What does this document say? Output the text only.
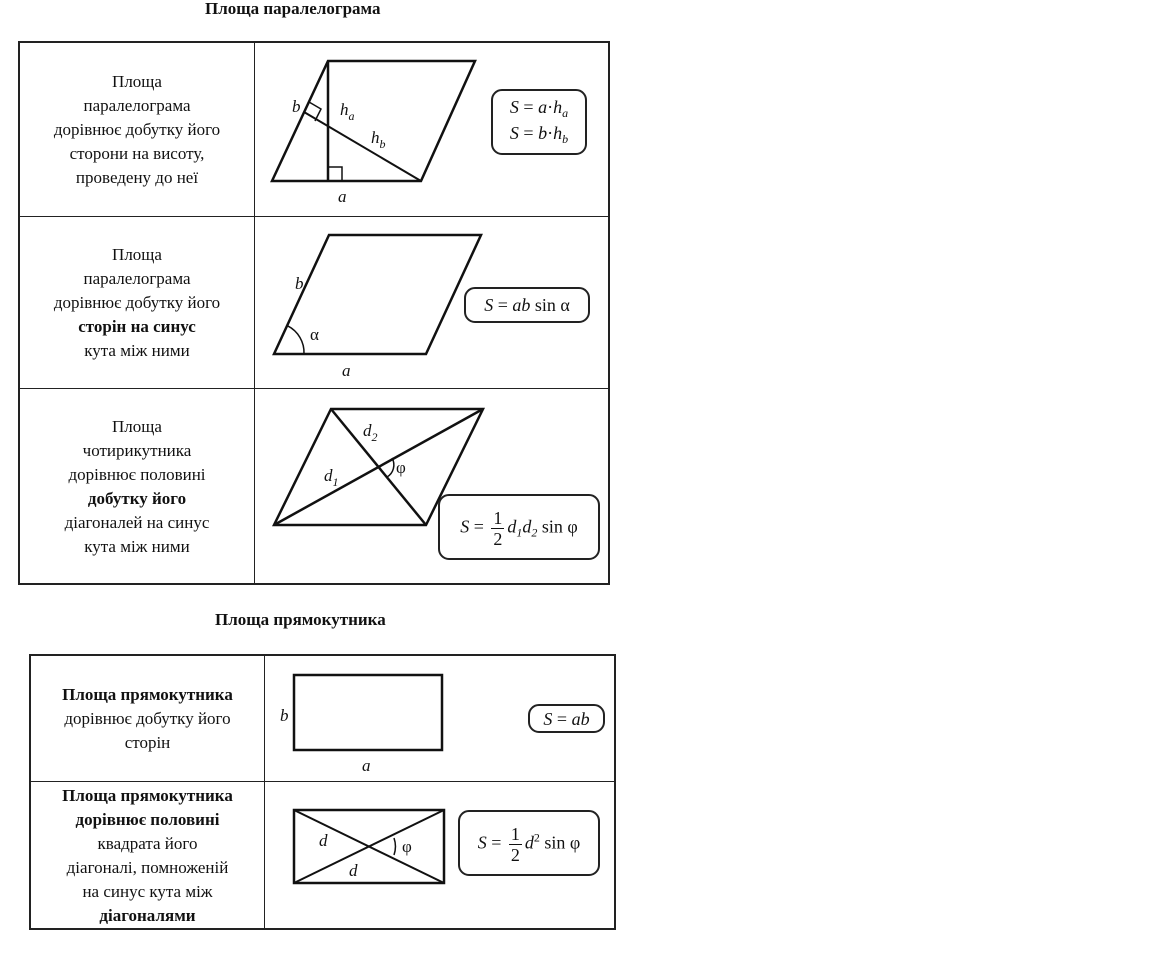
Площа паралелограма
Площа
паралелограма
дорівнює добутку його
сторони на висоту,
проведену до неї
b
a
$h_a$
$h_b$
$S = a\cdot h_a$
$S = b\cdot h_b$
Площа
паралелограма
дорівнює добутку його
сторін на синус
кута між ними
b
a
α
S = ab sin α
Площа
чотирикутника
дорівнює половині
добутку його
діагоналей на синус
кута між ними
$d_2$
$d_1$
φ
$S = \frac{1}{2} d_1d_2$ sin φ
Площа прямокутника
Площа прямокутника
дорівнює добутку його
сторін
b
a
S = ab
Площа прямокутника
дорівнює половині
квадрата його
діагоналі, помноженій
на синус кута між
діагоналями
d
d
φ	$S = \frac{1}{2} d^2$ sin φ
